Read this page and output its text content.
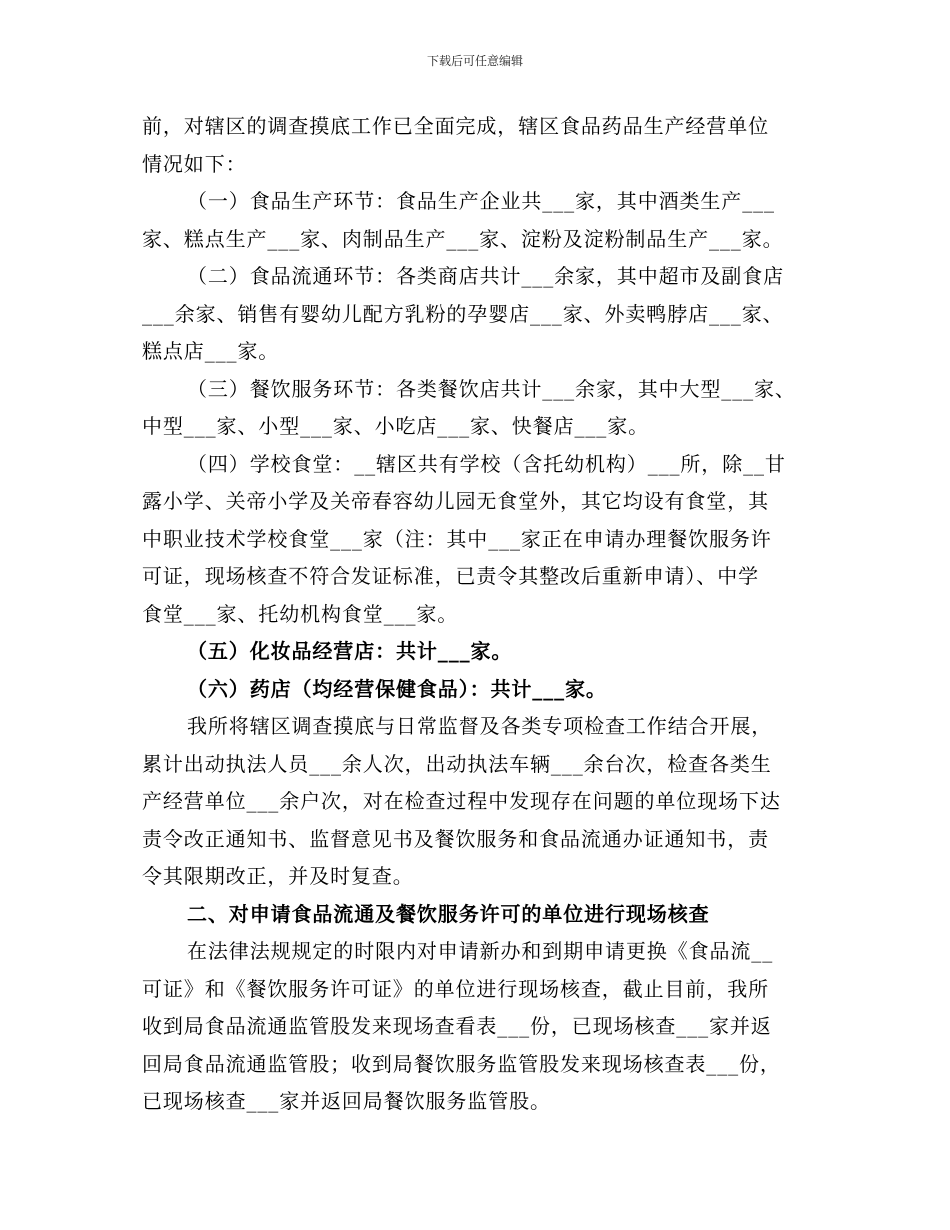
下载后可任意编辑
前，对辖区的调查摸底工作已全面完成，辖区食品药品生产经营单位
情况如下：
（一）食品生产环节：食品生产企业共___家，其中酒类生产___
家、糕点生产___家、肉制品生产___家、淀粉及淀粉制品生产___家。
（二）食品流通环节：各类商店共计___余家，其中超市及副食店
___余家、销售有婴幼儿配方乳粉的孕婴店___家、外卖鸭脖店___家、
糕点店___家。
（三）餐饮服务环节：各类餐饮店共计___余家，其中大型___家、
中型___家、小型___家、小吃店___家、快餐店___家。
（四）学校食堂：__辖区共有学校（含托幼机构）___所，除__甘
露小学、关帝小学及关帝春容幼儿园无食堂外，其它均设有食堂，其
中职业技术学校食堂___家（注：其中___家正在申请办理餐饮服务许
可证，现场核查不符合发证标准，已责令其整改后重新申请）、中学
食堂___家、托幼机构食堂___家。
（五）化妆品经营店：共计___家。
（六）药店（均经营保健食品）：共计___家。
我所将辖区调查摸底与日常监督及各类专项检查工作结合开展，
累计出动执法人员___余人次，出动执法车辆___余台次，检查各类生
产经营单位___余户次，对在检查过程中发现存在问题的单位现场下达
责令改正通知书、监督意见书及餐饮服务和食品流通办证通知书，责
令其限期改正，并及时复查。
二、对申请食品流通及餐饮服务许可的单位进行现场核查
在法律法规规定的时限内对申请新办和到期申请更换《食品流__
可证》和《餐饮服务许可证》的单位进行现场核查，截止目前，我所
收到局食品流通监管股发来现场查看表___份，已现场核查___家并返
回局食品流通监管股；收到局餐饮服务监管股发来现场核查表___份，
已现场核查___家并返回局餐饮服务监管股。
